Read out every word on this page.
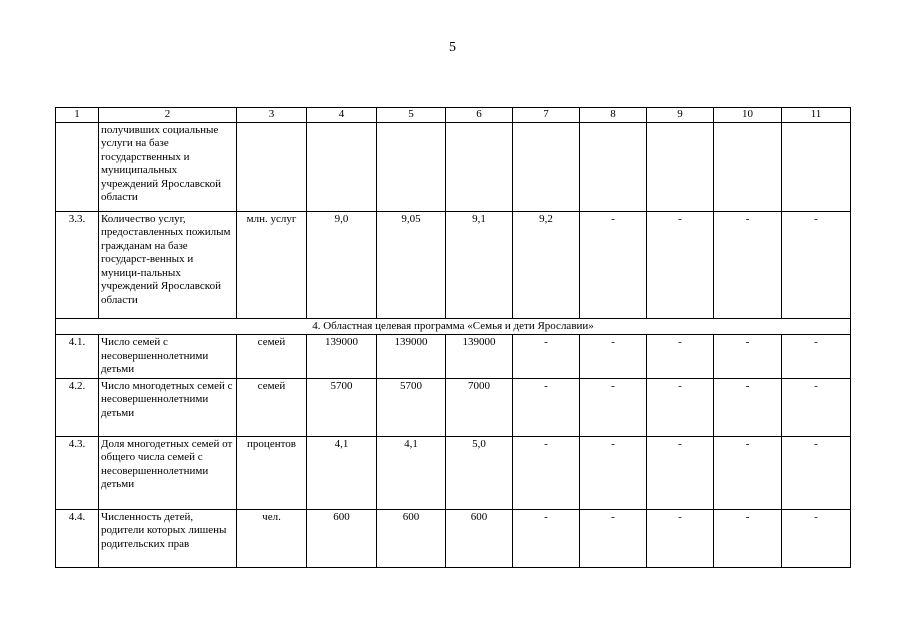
5
1	2	3	4	5	6	7	8	9	10	11
	получивших социальные услуги на базе государственных и муниципальных учреждений Ярославской области									
3.3.	Количество услуг, предоставленных пожилым гражданам на базе государст-венных и муници-пальных учреждений Ярославской области	млн. услуг	9,0	9,05	9,1	9,2	-	-	-	-
4. Областная целевая программа «Семья и дети Ярославии»										
4.1.	Число семей с несовершеннолетними детьми	семей	139000	139000	139000	-	-	-	-	-
4.2.	Число многодетных семей с несовершеннолетними детьми	семей	5700	5700	7000	-	-	-	-	-
4.3.	Доля многодетных семей от общего числа семей с несовершеннолетними детьми	процентов	4,1	4,1	5,0	-	-	-	-	-
4.4.	Численность детей, родители которых лишены родительских прав	чел.	600	600	600	-	-	-	-	-
